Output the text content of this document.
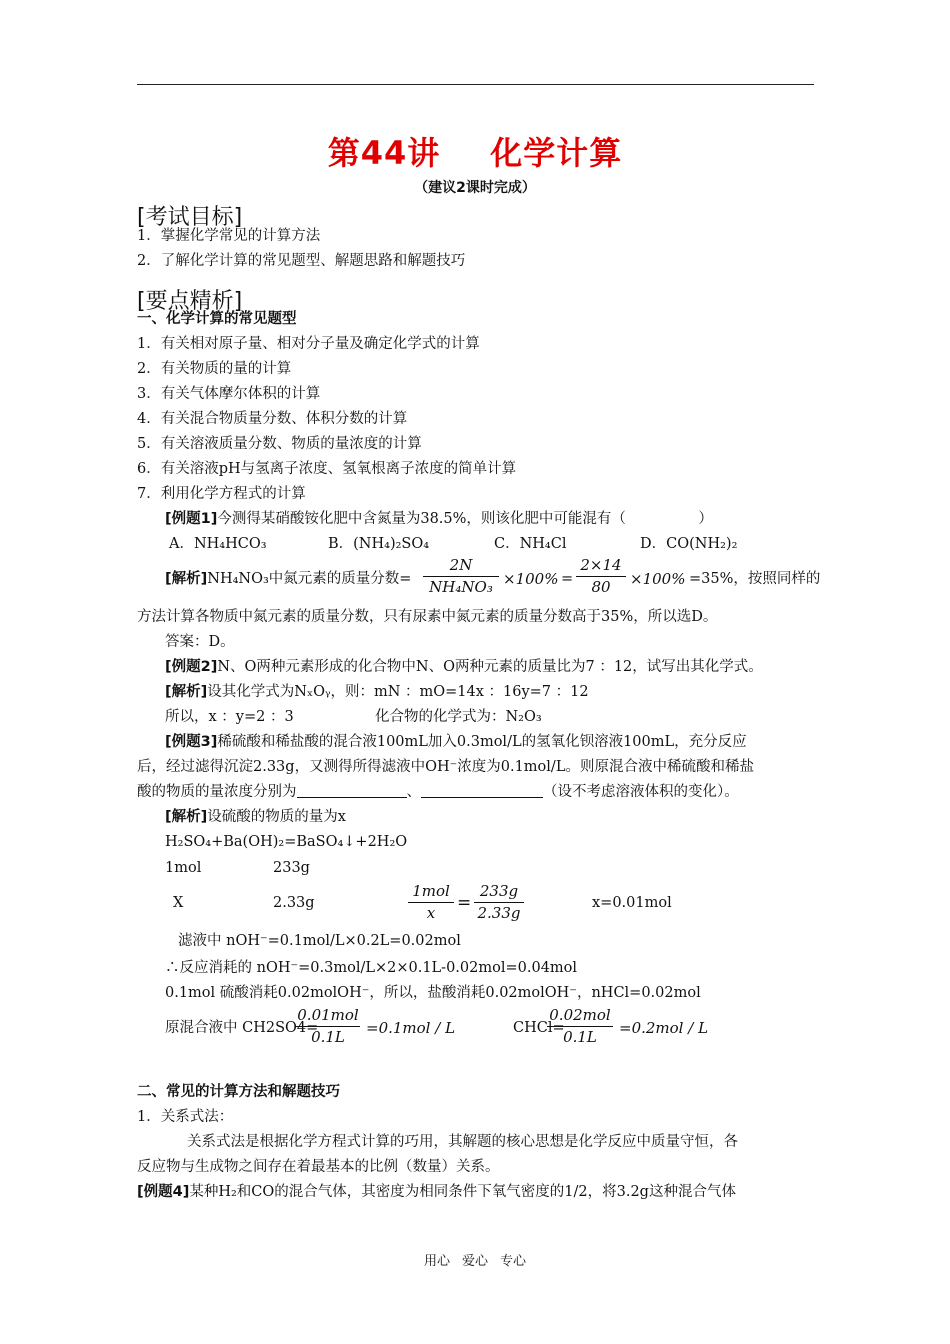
第44讲 化学计算
（建议2课时完成）
[考试目标]
1．掌握化学常见的计算方法
2．了解化学计算的常见题型、解题思路和解题技巧
[要点精析]
一、化学计算的常见题型
1．有关相对原子量、相对分子量及确定化学式的计算
2．有关物质的量的计算
3．有关气体摩尔体积的计算
4．有关混合物质量分数、体积分数的计算
5．有关溶液质量分数、物质的量浓度的计算
6．有关溶液pH与氢离子浓度、氢氧根离子浓度的简单计算
7．利用化学方程式的计算
[例题1]今测得某硝酸铵化肥中含氮量为38.5%，则该化肥中可能混有（　　　　　）
A．NH₄HCO₃	B．(NH₄)₂SO₄	C．NH₄Cl	D．CO(NH₂)₂
[解析]NH₄NO₃中氮元素的质量分数=
2N
NH₄NO₃ ×100% =
2×14
80	×100% =35%，按照同样的
方法计算各物质中氮元素的质量分数，只有尿素中氮元素的质量分数高于35%，所以选D。
答案：D。
[例题2]N、O两种元素形成的化合物中N、O两种元素的质量比为7 ：12，试写出其化学式。
[解析]设其化学式为NₓOᵧ，则：mN ：mO=14x ：16y=7 ：12
所以，x ：y=2 ：3	化合物的化学式为：N₂O₃
[例题3]稀硫酸和稀盐酸的混合液100mL加入0.3mol/L的氢氧化钡溶液100mL，充分反应
后，经过滤得沉淀2.33g，又测得所得滤液中OH⁻浓度为0.1mol/L。则原混合液中稀硫酸和稀盐
酸的物质的量浓度分别为	、	（设不考虑溶液体积的变化）。
[解析]设硫酸的物质的量为x
H₂SO₄+Ba(OH)₂=BaSO₄↓+2H₂O
1mol	233g
X	2.33g
1mol
x	=
233g
2.33g
x=0.01mol
滤液中 nOH⁻=0.1mol/L×0.2L=0.02mol
∴反应消耗的 nOH⁻=0.3mol/L×2×0.1L-0.02mol=0.04mol
0.1mol 硫酸消耗0.02molOH⁻，所以，盐酸消耗0.02molOH⁻，nHCl=0.02mol
原混合液中 CH2SO4=
0.01mol
0.1L	=0.1mol / L	CHCl=
0.02mol
0.1L	=0.2mol / L
二、常见的计算方法和解题技巧
1．关系式法：
关系式法是根据化学方程式计算的巧用，其解题的核心思想是化学反应中质量守恒，各
反应物与生成物之间存在着最基本的比例（数量）关系。
[例题4]某种H₂和CO的混合气体，其密度为相同条件下氧气密度的1/2，将3.2g这种混合气体
用心 爱心 专心
